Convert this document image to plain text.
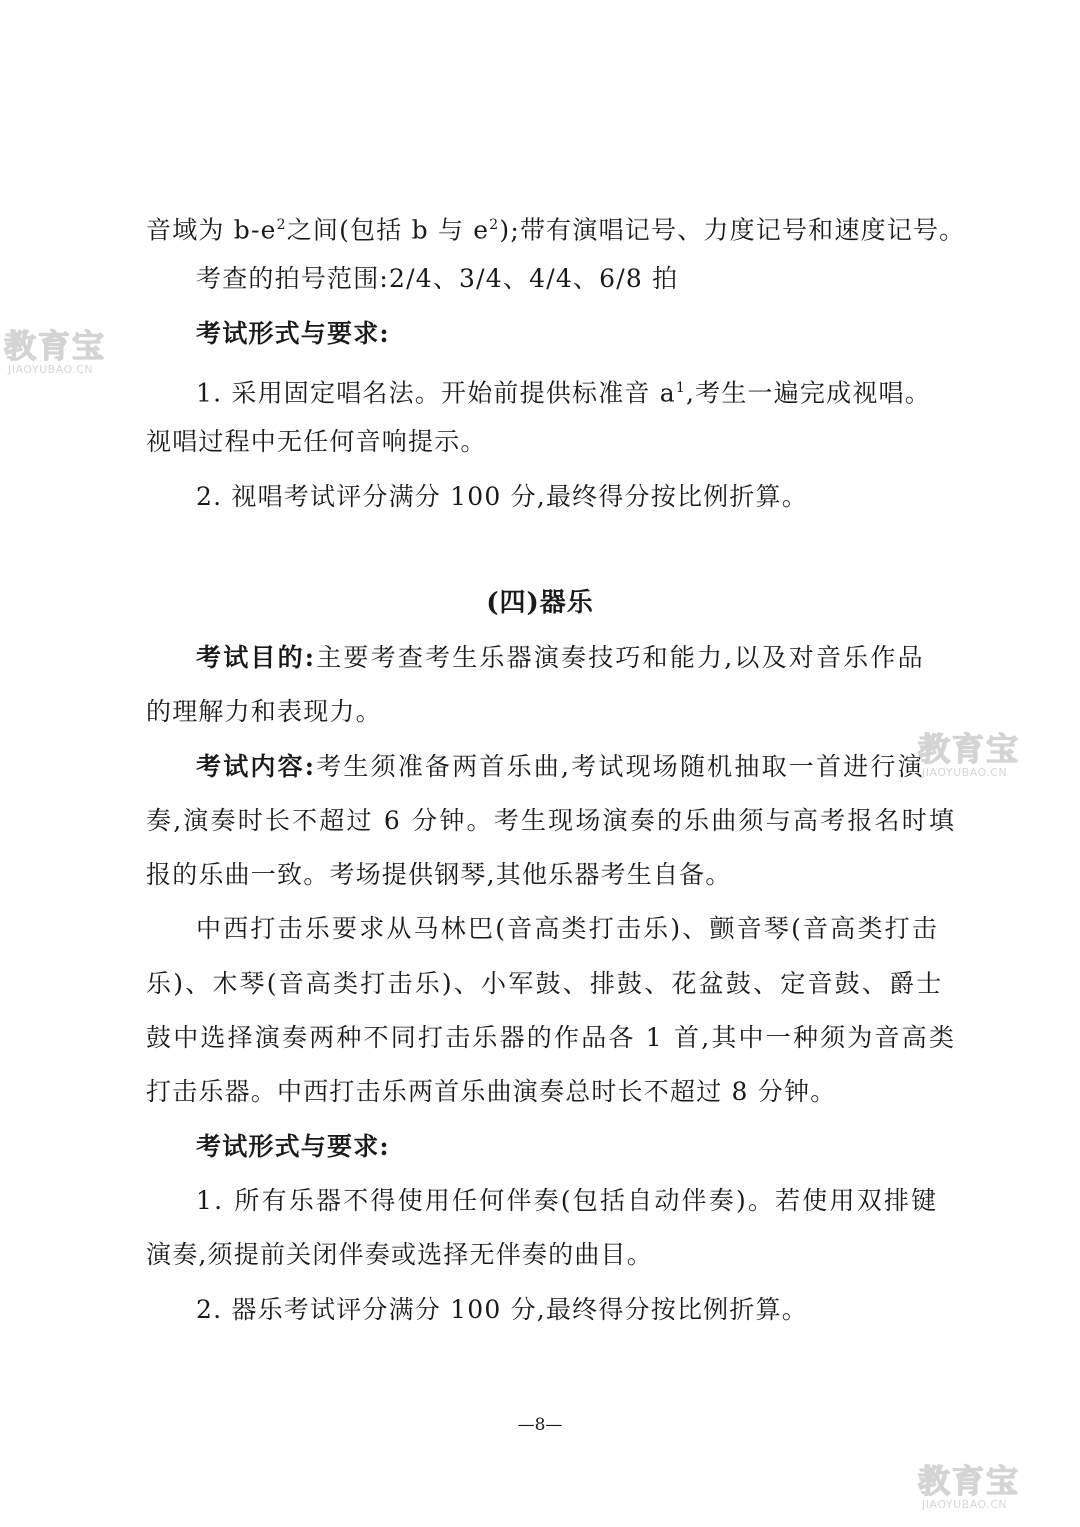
音域为 $b-e^2$之间(包括 b 与 $e^2$);带有演唱记号、力度记号和速度记号。
考查的拍号范围:2/4、3/4、4/4、6/8 拍
考试形式与要求:
1. 采用固定唱名法。开始前提供标准音 $a^1$,考生一遍完成视唱。
视唱过程中无任何音响提示。
2. 视唱考试评分满分 100 分,最终得分按比例折算。
(四)器乐
考试目的:主要考查考生乐器演奏技巧和能力,以及对音乐作品
的理解力和表现力。
考试内容:考生须准备两首乐曲,考试现场随机抽取一首进行演
奏,演奏时长不超过 6 分钟。考生现场演奏的乐曲须与高考报名时填
报的乐曲一致。考场提供钢琴,其他乐器考生自备。
中西打击乐要求从马林巴(音高类打击乐)、颤音琴(音高类打击
乐)、木琴(音高类打击乐)、小军鼓、排鼓、花盆鼓、定音鼓、爵士
鼓中选择演奏两种不同打击乐器的作品各 1 首,其中一种须为音高类
打击乐器。中西打击乐两首乐曲演奏总时长不超过 8 分钟。
考试形式与要求:
1. 所有乐器不得使用任何伴奏(包括自动伴奏)。若使用双排键
演奏,须提前关闭伴奏或选择无伴奏的曲目。
2. 器乐考试评分满分 100 分,最终得分按比例折算。
—8—
教育宝
JIAOYUBAO.CN
教育宝
JIAOYUBAO.CN
教育宝
JIAOYUBAO.CN
